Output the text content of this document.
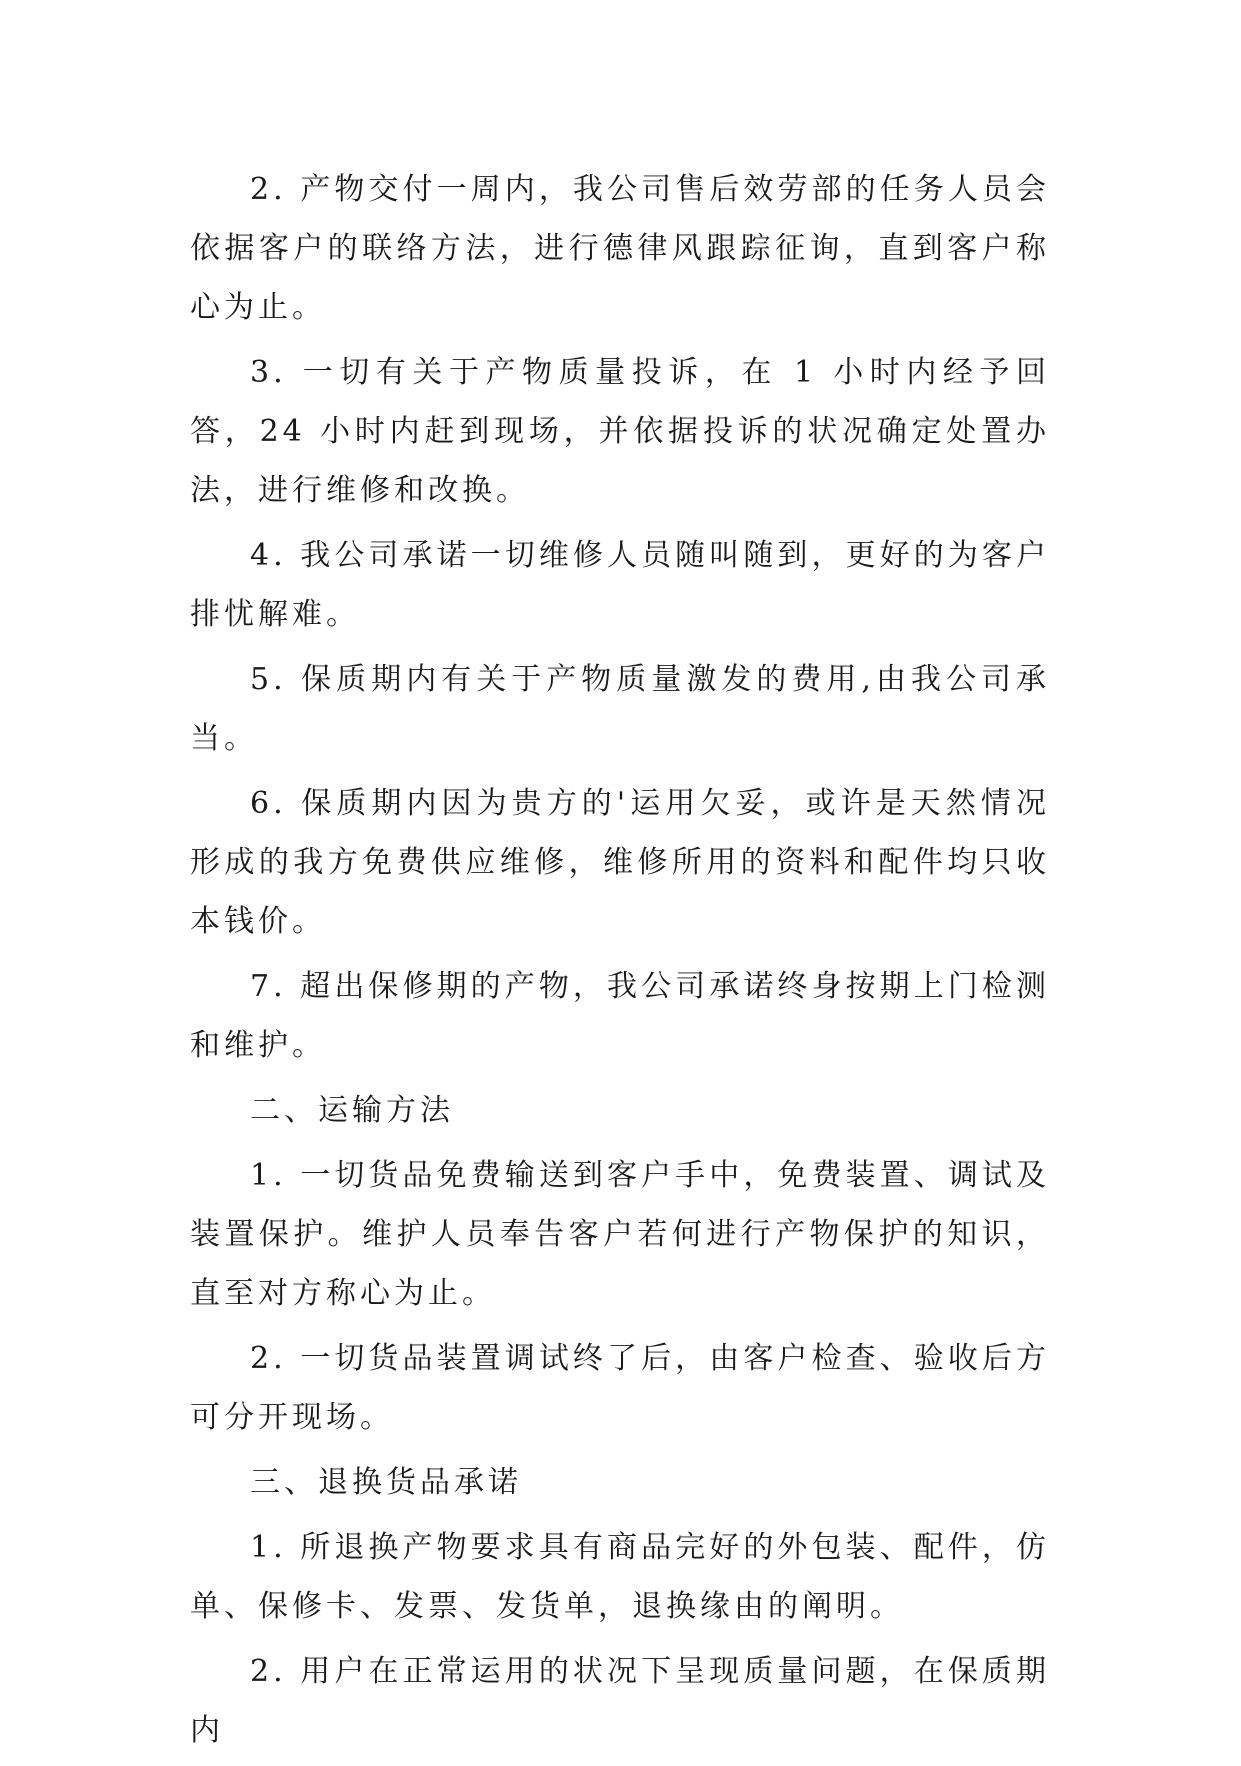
2. 产物交付一周内，我公司售后效劳部的任务人员会依据客户的联络方法，进行德律风跟踪征询，直到客户称心为止。

3. 一切有关于产物质量投诉，在 1 小时内经予回答，24 小时内赶到现场，并依据投诉的状况确定处置办法，进行维修和改换。

4. 我公司承诺一切维修人员随叫随到，更好的为客户排忧解难。

5. 保质期内有关于产物质量激发的费用,由我公司承当。

6. 保质期内因为贵方的'运用欠妥，或许是天然情况形成的我方免费供应维修，维修所用的资料和配件均只收本钱价。

7. 超出保修期的产物，我公司承诺终身按期上门检测和维护。

二、运输方法

1. 一切货品免费输送到客户手中，免费装置、调试及装置保护。维护人员奉告客户若何进行产物保护的知识，直至对方称心为止。

2. 一切货品装置调试终了后，由客户检查、验收后方可分开现场。

三、退换货品承诺

1. 所退换产物要求具有商品完好的外包装、配件，仿单、保修卡、发票、发货单，退换缘由的阐明。

2. 用户在正常运用的状况下呈现质量问题，在保质期内
